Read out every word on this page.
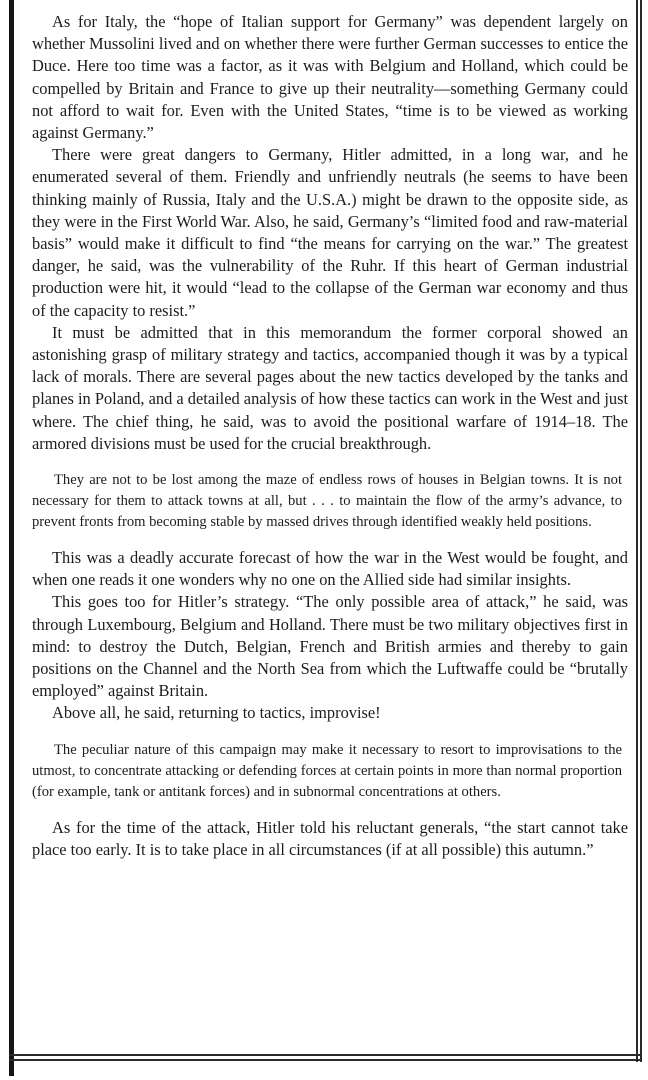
As for Italy, the “hope of Italian support for Germany” was dependent largely on whether Mussolini lived and on whether there were further German successes to entice the Duce. Here too time was a factor, as it was with Belgium and Holland, which could be compelled by Britain and France to give up their neutrality—something Germany could not afford to wait for. Even with the United States, “time is to be viewed as working against Germany.”

There were great dangers to Germany, Hitler admitted, in a long war, and he enumerated several of them. Friendly and unfriendly neutrals (he seems to have been thinking mainly of Russia, Italy and the U.S.A.) might be drawn to the opposite side, as they were in the First World War. Also, he said, Germany’s “limited food and raw-material basis” would make it difficult to find “the means for carrying on the war.” The greatest danger, he said, was the vulnerability of the Ruhr. If this heart of German industrial production were hit, it would “lead to the collapse of the German war economy and thus of the capacity to resist.”

It must be admitted that in this memorandum the former corporal showed an astonishing grasp of military strategy and tactics, accompanied though it was by a typical lack of morals. There are several pages about the new tactics developed by the tanks and planes in Poland, and a detailed analysis of how these tactics can work in the West and just where. The chief thing, he said, was to avoid the positional warfare of 1914–18. The armored divisions must be used for the crucial breakthrough.

They are not to be lost among the maze of endless rows of houses in Belgian towns. It is not necessary for them to attack towns at all, but . . . to maintain the flow of the army’s advance, to prevent fronts from becoming stable by massed drives through identified weakly held positions.

This was a deadly accurate forecast of how the war in the West would be fought, and when one reads it one wonders why no one on the Allied side had similar insights.

This goes too for Hitler’s strategy. “The only possible area of attack,” he said, was through Luxembourg, Belgium and Holland. There must be two military objectives first in mind: to destroy the Dutch, Belgian, French and British armies and thereby to gain positions on the Channel and the North Sea from which the Luftwaffe could be “brutally employed” against Britain.

Above all, he said, returning to tactics, improvise!

The peculiar nature of this campaign may make it necessary to resort to improvisations to the utmost, to concentrate attacking or defending forces at certain points in more than normal proportion (for example, tank or antitank forces) and in subnormal concentrations at others.

As for the time of the attack, Hitler told his reluctant generals, “the start cannot take place too early. It is to take place in all circumstances (if at all possible) this autumn.”
